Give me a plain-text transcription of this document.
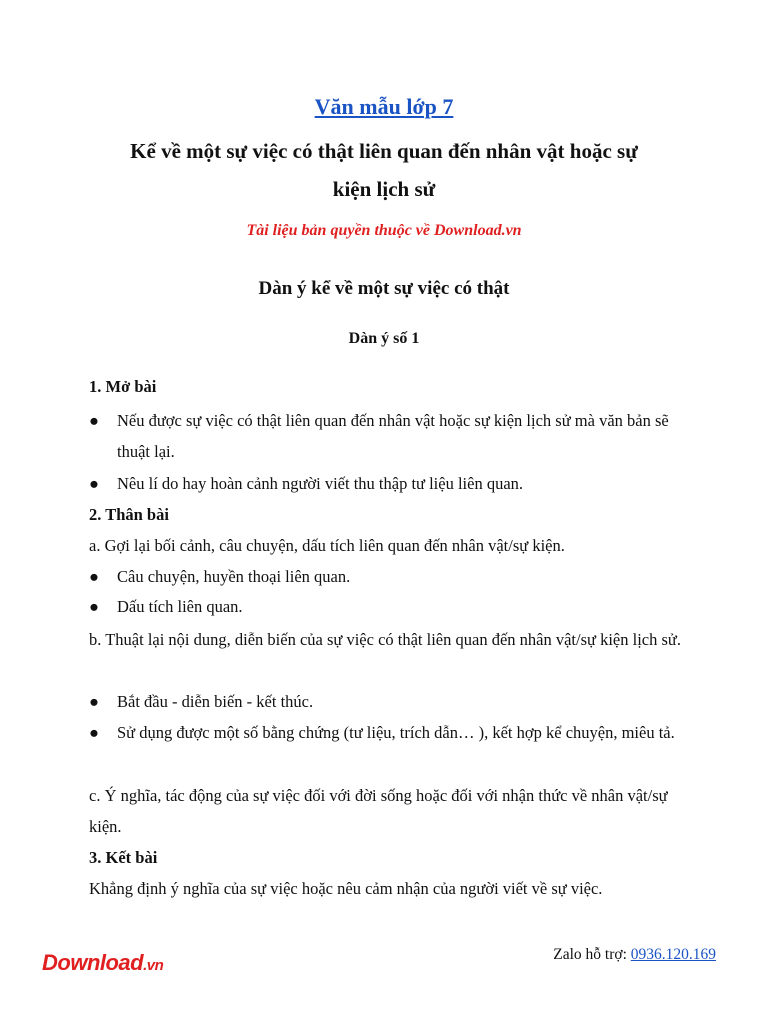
Văn mẫu lớp 7
Kể về một sự việc có thật liên quan đến nhân vật hoặc sự
kiện lịch sử
Tài liệu bản quyền thuộc về Download.vn
Dàn ý kể về một sự việc có thật
Dàn ý số 1
1. Mở bài
● Nếu được sự việc có thật liên quan đến nhân vật hoặc sự kiện lịch sử mà văn bản sẽ thuật lại.
● Nêu lí do hay hoàn cảnh người viết thu thập tư liệu liên quan.
2. Thân bài
a. Gợi lại bối cảnh, câu chuyện, dấu tích liên quan đến nhân vật/sự kiện.
● Câu chuyện, huyền thoại liên quan.
● Dấu tích liên quan.
b. Thuật lại nội dung, diễn biến của sự việc có thật liên quan đến nhân vật/sự kiện lịch sử.
● Bắt đầu - diễn biến - kết thúc.
● Sử dụng được một số bằng chứng (tư liệu, trích dẫn… ), kết hợp kể chuyện, miêu tả.
c. Ý nghĩa, tác động của sự việc đối với đời sống hoặc đối với nhận thức về nhân vật/sự kiện.
3. Kết bài
Khẳng định ý nghĩa của sự việc hoặc nêu cảm nhận của người viết về sự việc.
Download.vn
Zalo hỗ trợ: 0936.120.169
